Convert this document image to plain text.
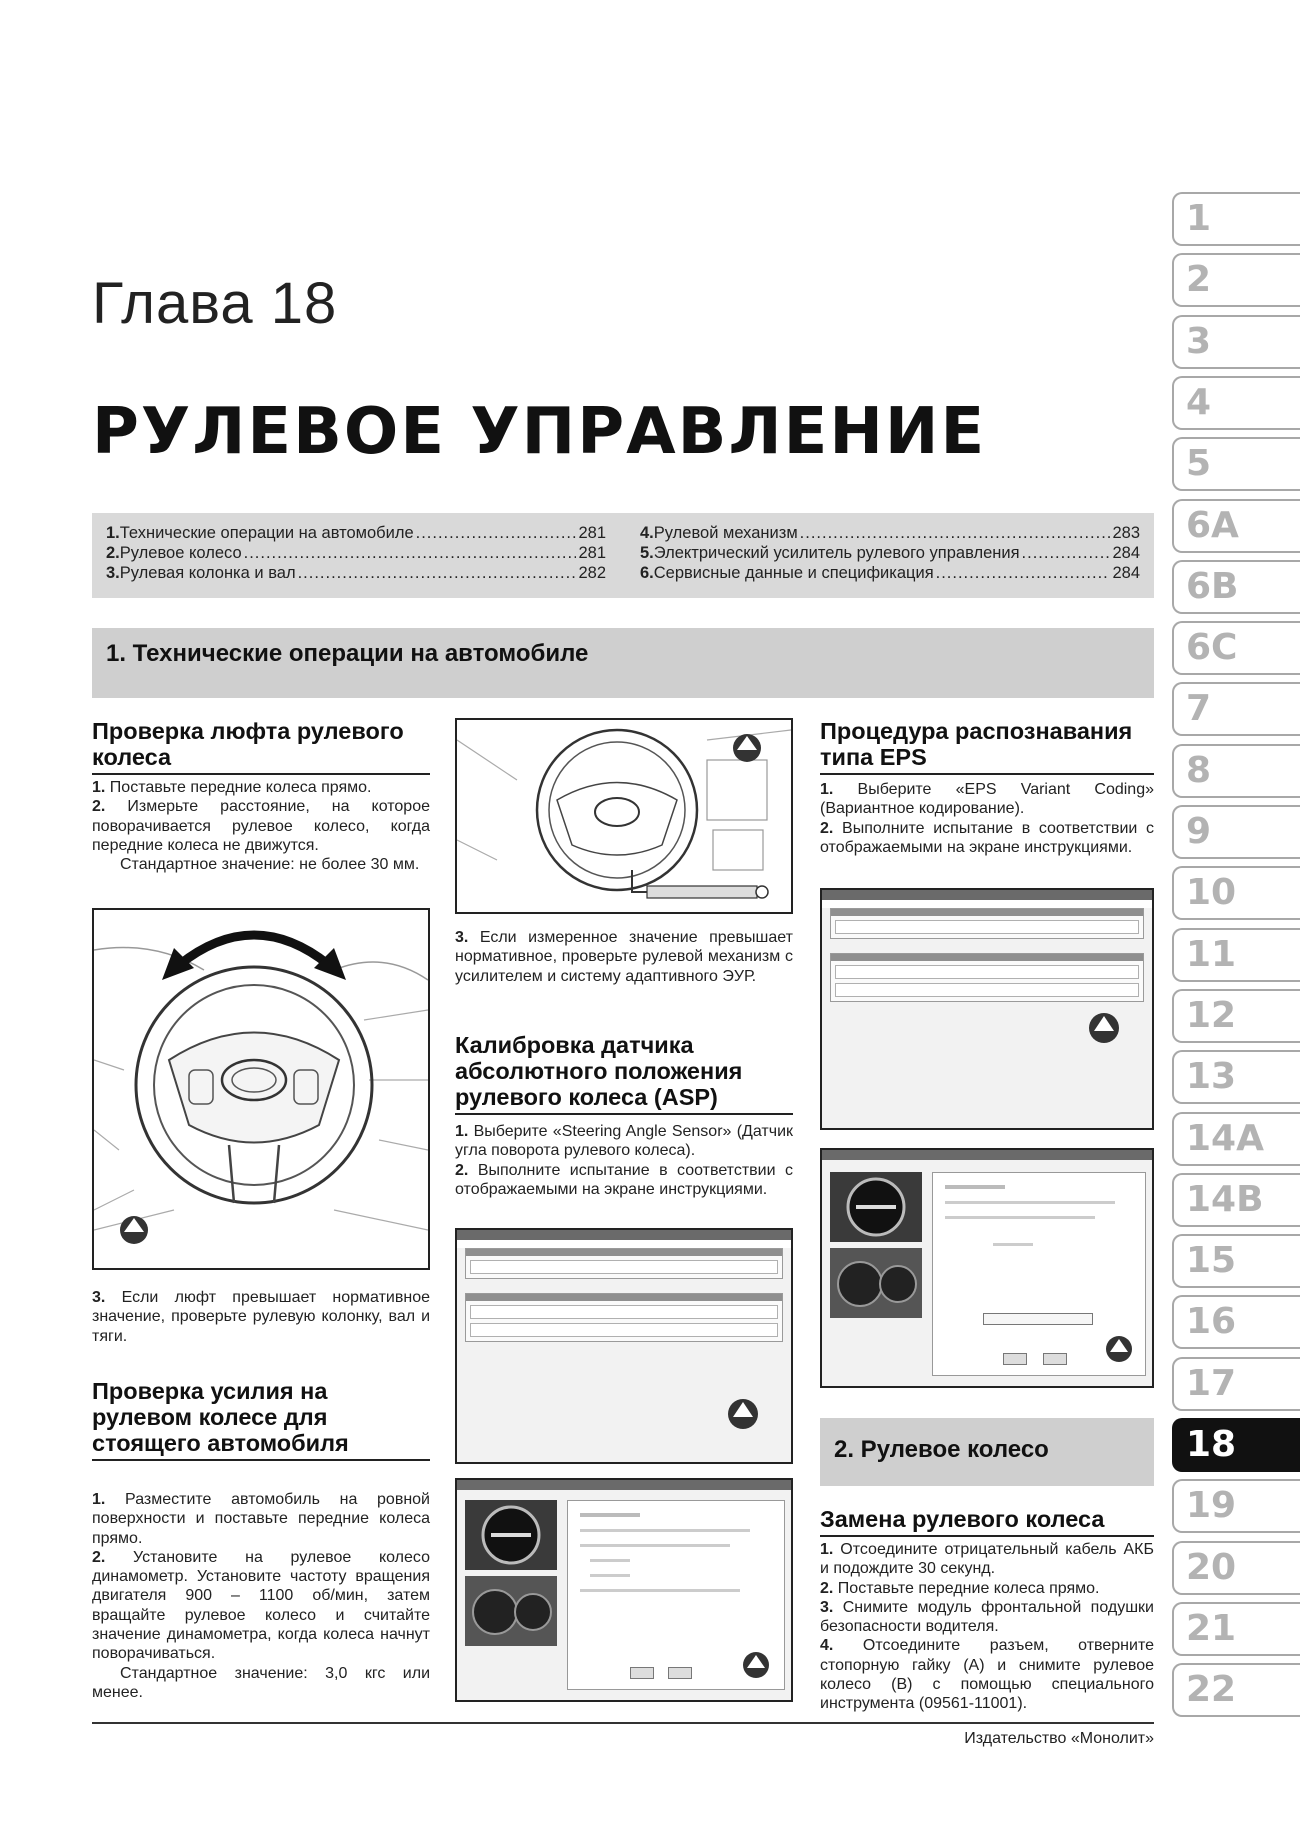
Глава 18
РУЛЕВОЕ УПРАВЛЕНИЕ
1. Технические операции на автомобиле .....	281
2. Рулевое колесо .....	281
3. Рулевая колонка и вал .....	282
4. Рулевой механизм .....	283
5. Электрический усилитель рулевого управления .....	284
6. Сервисные данные и спецификация .....	284
1. Технические операции на автомобиле
Проверка люфта рулевого колеса
1. Поставьте передние колеса прямо.
2. Измерьте расстояние, на которое поворачивается рулевое колесо, когда передние колеса не движутся.
Стандартное значение: не более 30 мм.
3. Если люфт превышает нормативное значение, проверьте рулевую колонку, вал и тяги.
Проверка усилия на рулевом колесе для стоящего автомобиля
1. Разместите автомобиль на ровной поверхности и поставьте передние колеса прямо.
2. Установите на рулевое колесо динамометр. Установите частоту вращения двигателя 900 – 1100 об/мин, затем вращайте рулевое колесо и считайте значение динамометра, когда колеса начнут поворачиваться.
Стандартное значение: 3,0 кгс или менее.
3. Если измеренное значение превышает нормативное, проверьте рулевой механизм с усилителем и систему адаптивного ЭУР.
Калибровка датчика абсолютного положения рулевого колеса (ASP)
1. Выберите «Steering Angle Sensor» (Датчик угла поворота рулевого колеса).
2. Выполните испытание в соответствии с отображаемыми на экране инструкциями.
Процедура распознавания типа EPS
1. Выберите «EPS Variant Coding» (Вариантное кодирование).
2. Выполните испытание в соответствии с отображаемыми на экране инструкциями.
2. Рулевое колесо
Замена рулевого колеса
1. Отсоедините отрицательный кабель АКБ и подождите 30 секунд.
2. Поставьте передние колеса прямо.
3. Снимите модуль фронтальной подушки безопасности водителя.
4. Отсоедините разъем, отверните стопорную гайку (A) и снимите рулевое колесо (B) с помощью специального инструмента (09561-11001).
1
2
3
4
5
6A
6B
6C
7
8
9
10
11
12
13
14A
14B
15
16
17
18
19
20
21
22
Издательство «Монолит»
